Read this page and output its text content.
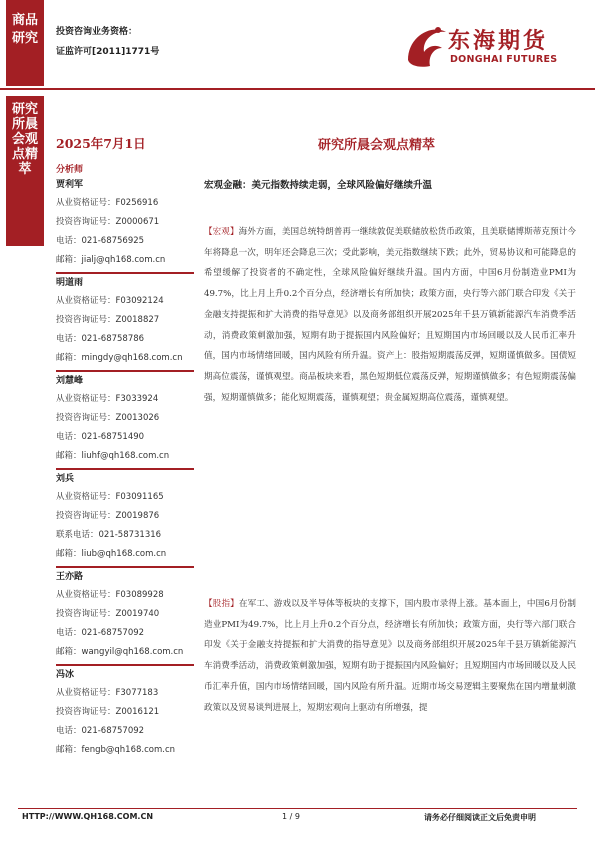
商品
研究	投资咨询业务资格：
证监许可[2011]1771号	东海期货
DONGHAI FUTURES
研究
所晨
会观
点精
萃
2025年7月1日	研究所晨会观点精萃
分析师
贾利军
从业资格证号：F0256916
投资咨询证号：Z0000671
电话：021-68756925
邮箱：jialj@qh168.com.cn
明道雨
从业资格证号：F03092124
投资咨询证号：Z0018827
电话：021-68758786
邮箱：mingdy@qh168.com.cn
刘慧峰
从业资格证号：F3033924
投资咨询证号：Z0013026
电话：021-68751490
邮箱：liuhf@qh168.com.cn
刘兵
从业资格证号：F03091165
投资咨询证号：Z0019876
联系电话：021-58731316
邮箱：liub@qh168.com.cn
王亦路
从业资格证号：F03089928
投资咨询证号：Z0019740
电话：021-68757092
邮箱：wangyil@qh168.com.cn
冯冰
从业资格证号：F3077183
投资咨询证号：Z0016121
电话：021-68757092
邮箱：fengb@qh168.com.cn
宏观金融：美元指数持续走弱，全球风险偏好继续升温
【宏观】海外方面，美国总统特朗普再一继续敦促美联储放松货币政策，且美联储博斯蒂克预计今年将降息一次，明年还会降息三次；受此影响，美元指数继续下跌；此外，贸易协议和可能降息的希望缓解了投资者的不确定性，全球风险偏好继续升温。国内方面，中国6月份制造业PMI为49.7%，比上月上升0.2个百分点，经济增长有所加快；政策方面，央行等六部门联合印发《关于金融支持提振和扩大消费的指导意见》以及商务部组织开展2025年千县万镇新能源汽车消费季活动，消费政策刺激加强，短期有助于提振国内风险偏好；且短期国内市场回暖以及人民币汇率升值，国内市场情绪回暖，国内风险有所升温。资产上：股指短期震荡反弹，短期谨慎做多。国债短期高位震荡，谨慎观望。商品板块来看，黑色短期低位震荡反弹，短期谨慎做多；有色短期震荡偏强，短期谨慎做多；能化短期震荡，谨慎观望；贵金属短期高位震荡，谨慎观望。
【股指】在军工、游戏以及半导体等板块的支撑下，国内股市录得上涨。基本面上，中国6月份制造业PMI为49.7%，比上月上升0.2个百分点，经济增长有所加快；政策方面，央行等六部门联合印发《关于金融支持提振和扩大消费的指导意见》以及商务部组织开展2025年千县万镇新能源汽车消费季活动，消费政策刺激加强，短期有助于提振国内风险偏好；且短期国内市场回暖以及人民币汇率升值，国内市场情绪回暖，国内风险有所升温。近期市场交易逻辑主要聚焦在国内增量刺激政策以及贸易谈判进展上，短期宏观向上驱动有所增强，提
HTTP://WWW.QH168.COM.CN	1 / 9	请务必仔细阅读正文后免责申明
